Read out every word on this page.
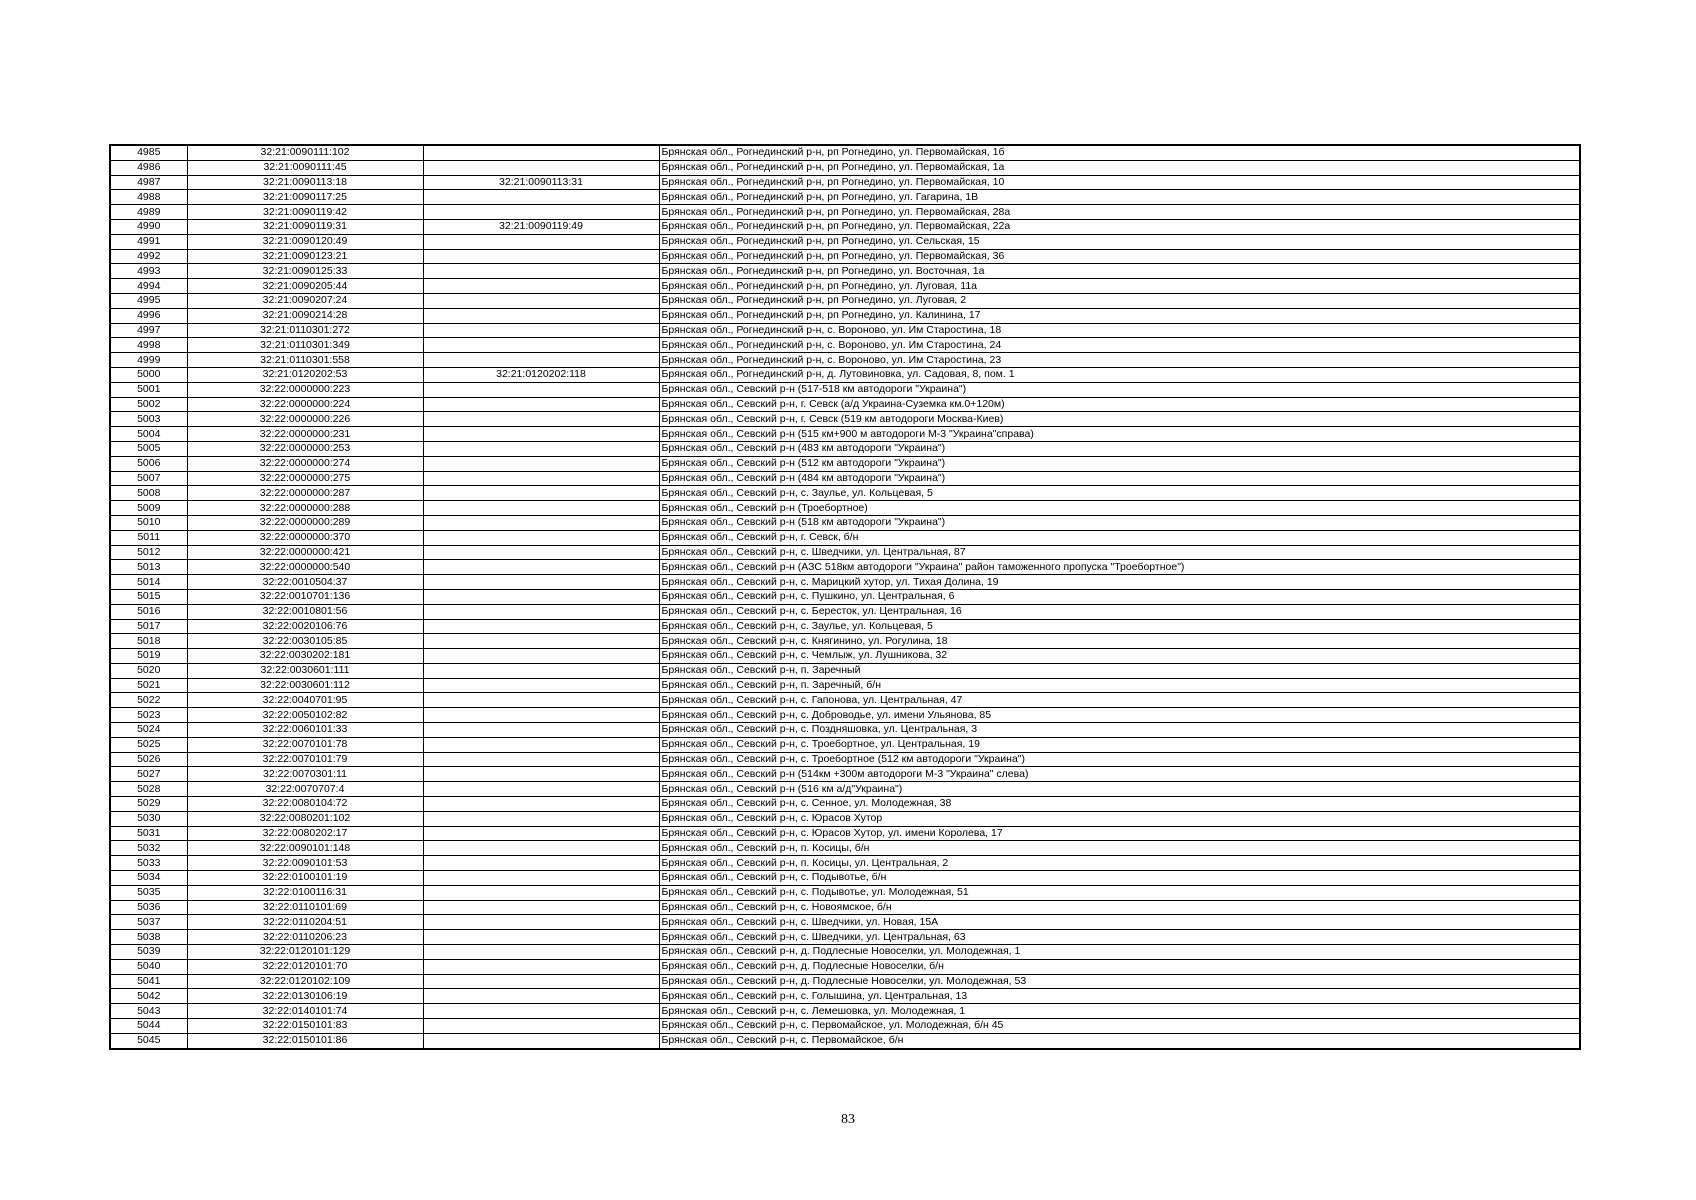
4985	32:21:0090111:102		Брянская обл., Рогнединский р-н, рп Рогнедино, ул. Первомайская, 1б
4986	32:21:0090111:45		Брянская обл., Рогнединский р-н, рп Рогнедино, ул. Первомайская, 1а
4987	32:21:0090113:18	32:21:0090113:31	Брянская обл., Рогнединский р-н, рп Рогнедино, ул. Первомайская, 10
4988	32:21:0090117:25		Брянская обл., Рогнединский р-н, рп Рогнедино, ул. Гагарина, 1В
4989	32:21:0090119:42		Брянская обл., Рогнединский р-н, рп Рогнедино, ул. Первомайская, 28а
4990	32:21:0090119:31	32:21:0090119:49	Брянская обл., Рогнединский р-н, рп Рогнедино, ул. Первомайская, 22а
4991	32:21:0090120:49		Брянская обл., Рогнединский р-н, рп Рогнедино, ул. Сельская, 15
4992	32:21:0090123:21		Брянская обл., Рогнединский р-н, рп Рогнедино, ул. Первомайская, 36
4993	32:21:0090125:33		Брянская обл., Рогнединский р-н, рп Рогнедино, ул. Восточная, 1а
4994	32:21:0090205:44		Брянская обл., Рогнединский р-н, рп Рогнедино, ул. Луговая, 11а
4995	32:21:0090207:24		Брянская обл., Рогнединский р-н, рп Рогнедино, ул. Луговая, 2
4996	32:21:0090214:28		Брянская обл., Рогнединский р-н, рп Рогнедино, ул. Калинина, 17
4997	32:21:0110301:272		Брянская обл., Рогнединский р-н, с. Вороново, ул. Им Старостина, 18
4998	32:21:0110301:349		Брянская обл., Рогнединский р-н, с. Вороново, ул. Им Старостина, 24
4999	32:21:0110301:558		Брянская обл., Рогнединский р-н, с. Вороново, ул. Им Старостина, 23
5000	32:21:0120202:53	32:21:0120202:118	Брянская обл., Рогнединский р-н, д. Лутовиновка, ул. Садовая, 8, пом. 1
5001	32:22:0000000:223		Брянская обл., Севский р-н (517-518 км автодороги "Украина")
5002	32:22:0000000:224		Брянская обл., Севский р-н, г. Севск (а/д Украина-Суземка км.0+120м)
5003	32:22:0000000:226		Брянская обл., Севский р-н, г. Севск (519 км автодороги Москва-Киев)
5004	32:22:0000000:231		Брянская обл., Севский р-н (515 км+900 м автодороги М-3 "Украина"справа)
5005	32:22:0000000:253		Брянская обл., Севский р-н (483 км автодороги "Украина")
5006	32:22:0000000:274		Брянская обл., Севский р-н (512 км автодороги "Украина")
5007	32:22:0000000:275		Брянская обл., Севский р-н (484 км автодороги "Украина")
5008	32:22:0000000:287		Брянская обл., Севский р-н, с. Заулье, ул. Кольцевая, 5
5009	32:22:0000000:288		Брянская обл., Севский р-н (Троебортное)
5010	32:22:0000000:289		Брянская обл., Севский р-н (518 км автодороги "Украина")
5011	32:22:0000000:370		Брянская обл., Севский р-н, г. Севск, б/н
5012	32:22:0000000:421		Брянская обл., Севский р-н, с. Шведчики, ул. Центральная, 87
5013	32:22:0000000:540		Брянская обл., Севский р-н (АЗС 518км автодороги "Украина" район таможенного пропуска "Троебортное")
5014	32:22:0010504:37		Брянская обл., Севский р-н, с. Марицкий хутор, ул. Тихая Долина, 19
5015	32:22:0010701:136		Брянская обл., Севский р-н, с. Пушкино, ул. Центральная, 6
5016	32:22:0010801:56		Брянская обл., Севский р-н, с. Бересток, ул. Центральная, 16
5017	32:22:0020106:76		Брянская обл., Севский р-н, с. Заулье, ул. Кольцевая, 5
5018	32:22:0030105:85		Брянская обл., Севский р-н, с. Княгинино, ул. Рогулина, 18
5019	32:22:0030202:181		Брянская обл., Севский р-н, с. Чемлыж, ул. Лушникова, 32
5020	32:22:0030601:111		Брянская обл., Севский р-н, п. Заречный
5021	32:22:0030601:112		Брянская обл., Севский р-н, п. Заречный, б/н
5022	32:22:0040701:95		Брянская обл., Севский р-н, с. Гапонова, ул. Центральная, 47
5023	32:22:0050102:82		Брянская обл., Севский р-н, с. Доброводье, ул. имени Ульянова, 85
5024	32:22:0060101:33		Брянская обл., Севский р-н, с. Поздняшовка, ул. Центральная, 3
5025	32:22:0070101:78		Брянская обл., Севский р-н, с. Троебортное, ул. Центральная, 19
5026	32:22:0070101:79		Брянская обл., Севский р-н, с. Троебортное (512 км автодороги "Украина")
5027	32:22:0070301:11		Брянская обл., Севский р-н (514км +300м автодороги М-3 "Украина" слева)
5028	32:22:0070707:4		Брянская обл., Севский р-н (516 км а/д"Украина")
5029	32:22:0080104:72		Брянская обл., Севский р-н, с. Сенное, ул. Молодежная, 38
5030	32:22:0080201:102		Брянская обл., Севский р-н, с. Юрасов Хутор
5031	32:22:0080202:17		Брянская обл., Севский р-н, с. Юрасов Хутор, ул. имени Королева, 17
5032	32:22:0090101:148		Брянская обл., Севский р-н, п. Косицы, б/н
5033	32:22:0090101:53		Брянская обл., Севский р-н, п. Косицы, ул. Центральная, 2
5034	32:22:0100101:19		Брянская обл., Севский р-н, с. Подывотье, б/н
5035	32:22:0100116:31		Брянская обл., Севский р-н, с. Подывотье, ул. Молодежная, 51
5036	32:22:0110101:69		Брянская обл., Севский р-н, с. Новоямское, б/н
5037	32:22:0110204:51		Брянская обл., Севский р-н, с. Шведчики, ул. Новая, 15А
5038	32:22:0110206:23		Брянская обл., Севский р-н, с. Шведчики, ул. Центральная, 63
5039	32:22:0120101:129		Брянская обл., Севский р-н, д. Подлесные Новоселки, ул. Молодежная, 1
5040	32:22:0120101:70		Брянская обл., Севский р-н, д. Подлесные Новоселки, б/н
5041	32:22:0120102:109		Брянская обл., Севский р-н, д. Подлесные Новоселки, ул. Молодежная, 53
5042	32:22:0130106:19		Брянская обл., Севский р-н, с. Голышина, ул. Центральная, 13
5043	32:22:0140101:74		Брянская обл., Севский р-н, с. Лемешовка, ул. Молодежная, 1
5044	32:22:0150101:83		Брянская обл., Севский р-н, с. Первомайское, ул. Молодежная, б/н 45
5045	32:22:0150101:86		Брянская обл., Севский р-н, с. Первомайское, б/н
83
